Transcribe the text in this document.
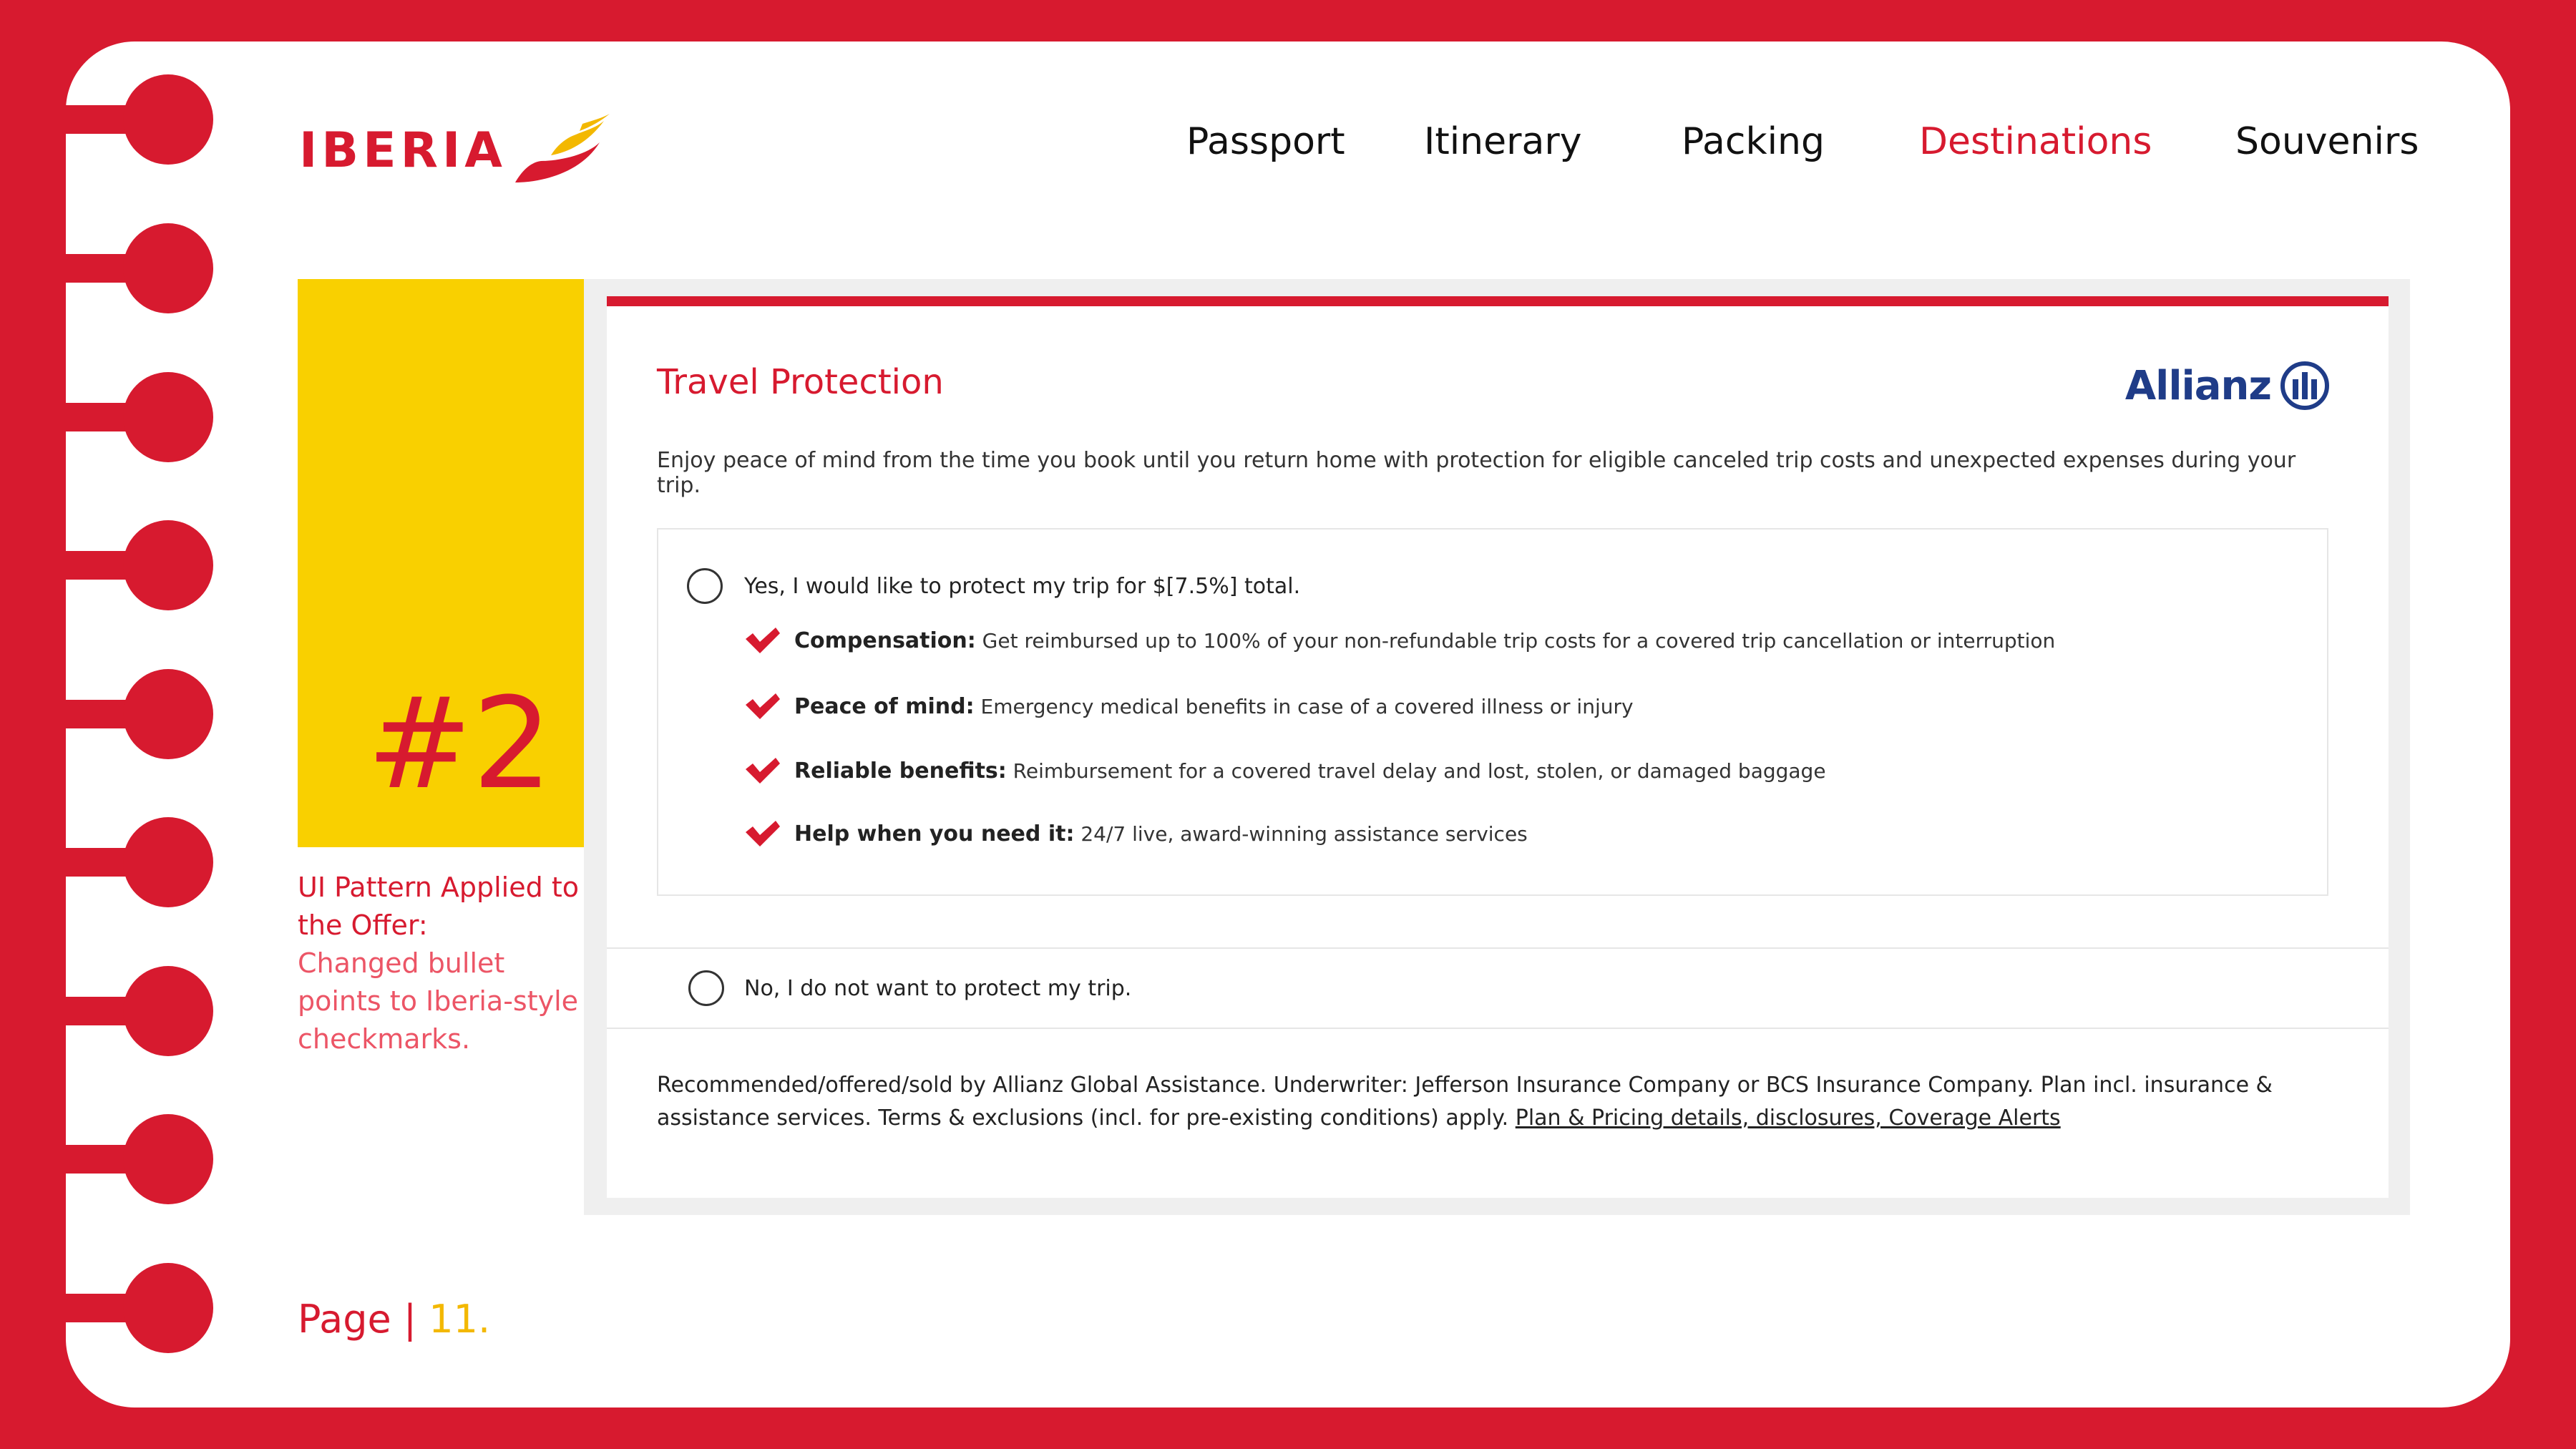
IBERIA	Passport Itinerary	Packing	Destinations Souvenirs
#2
UI Pattern Applied to the Offer:
Changed bullet points to Iberia-style checkmarks.
Travel Protection	Allianz
Enjoy peace of mind from the time you book until you return home with protection for eligible canceled trip costs and unexpected expenses during your trip.
Yes, I would like to protect my trip for $[7.5%] total.
Compensation: Get reimbursed up to 100% of your non-refundable trip costs for a covered trip cancellation or interruption
Peace of mind: Emergency medical benefits in case of a covered illness or injury
Reliable benefits: Reimbursement for a covered travel delay and lost, stolen, or damaged baggage
Help when you need it: 24/7 live, award-winning assistance services
No, I do not want to protect my trip.
Recommended/offered/sold by Allianz Global Assistance. Underwriter: Jefferson Insurance Company or BCS Insurance Company. Plan incl. insurance & assistance services. Terms & exclusions (incl. for pre-existing conditions) apply. Plan & Pricing details, disclosures, Coverage Alerts
Page | 11.
